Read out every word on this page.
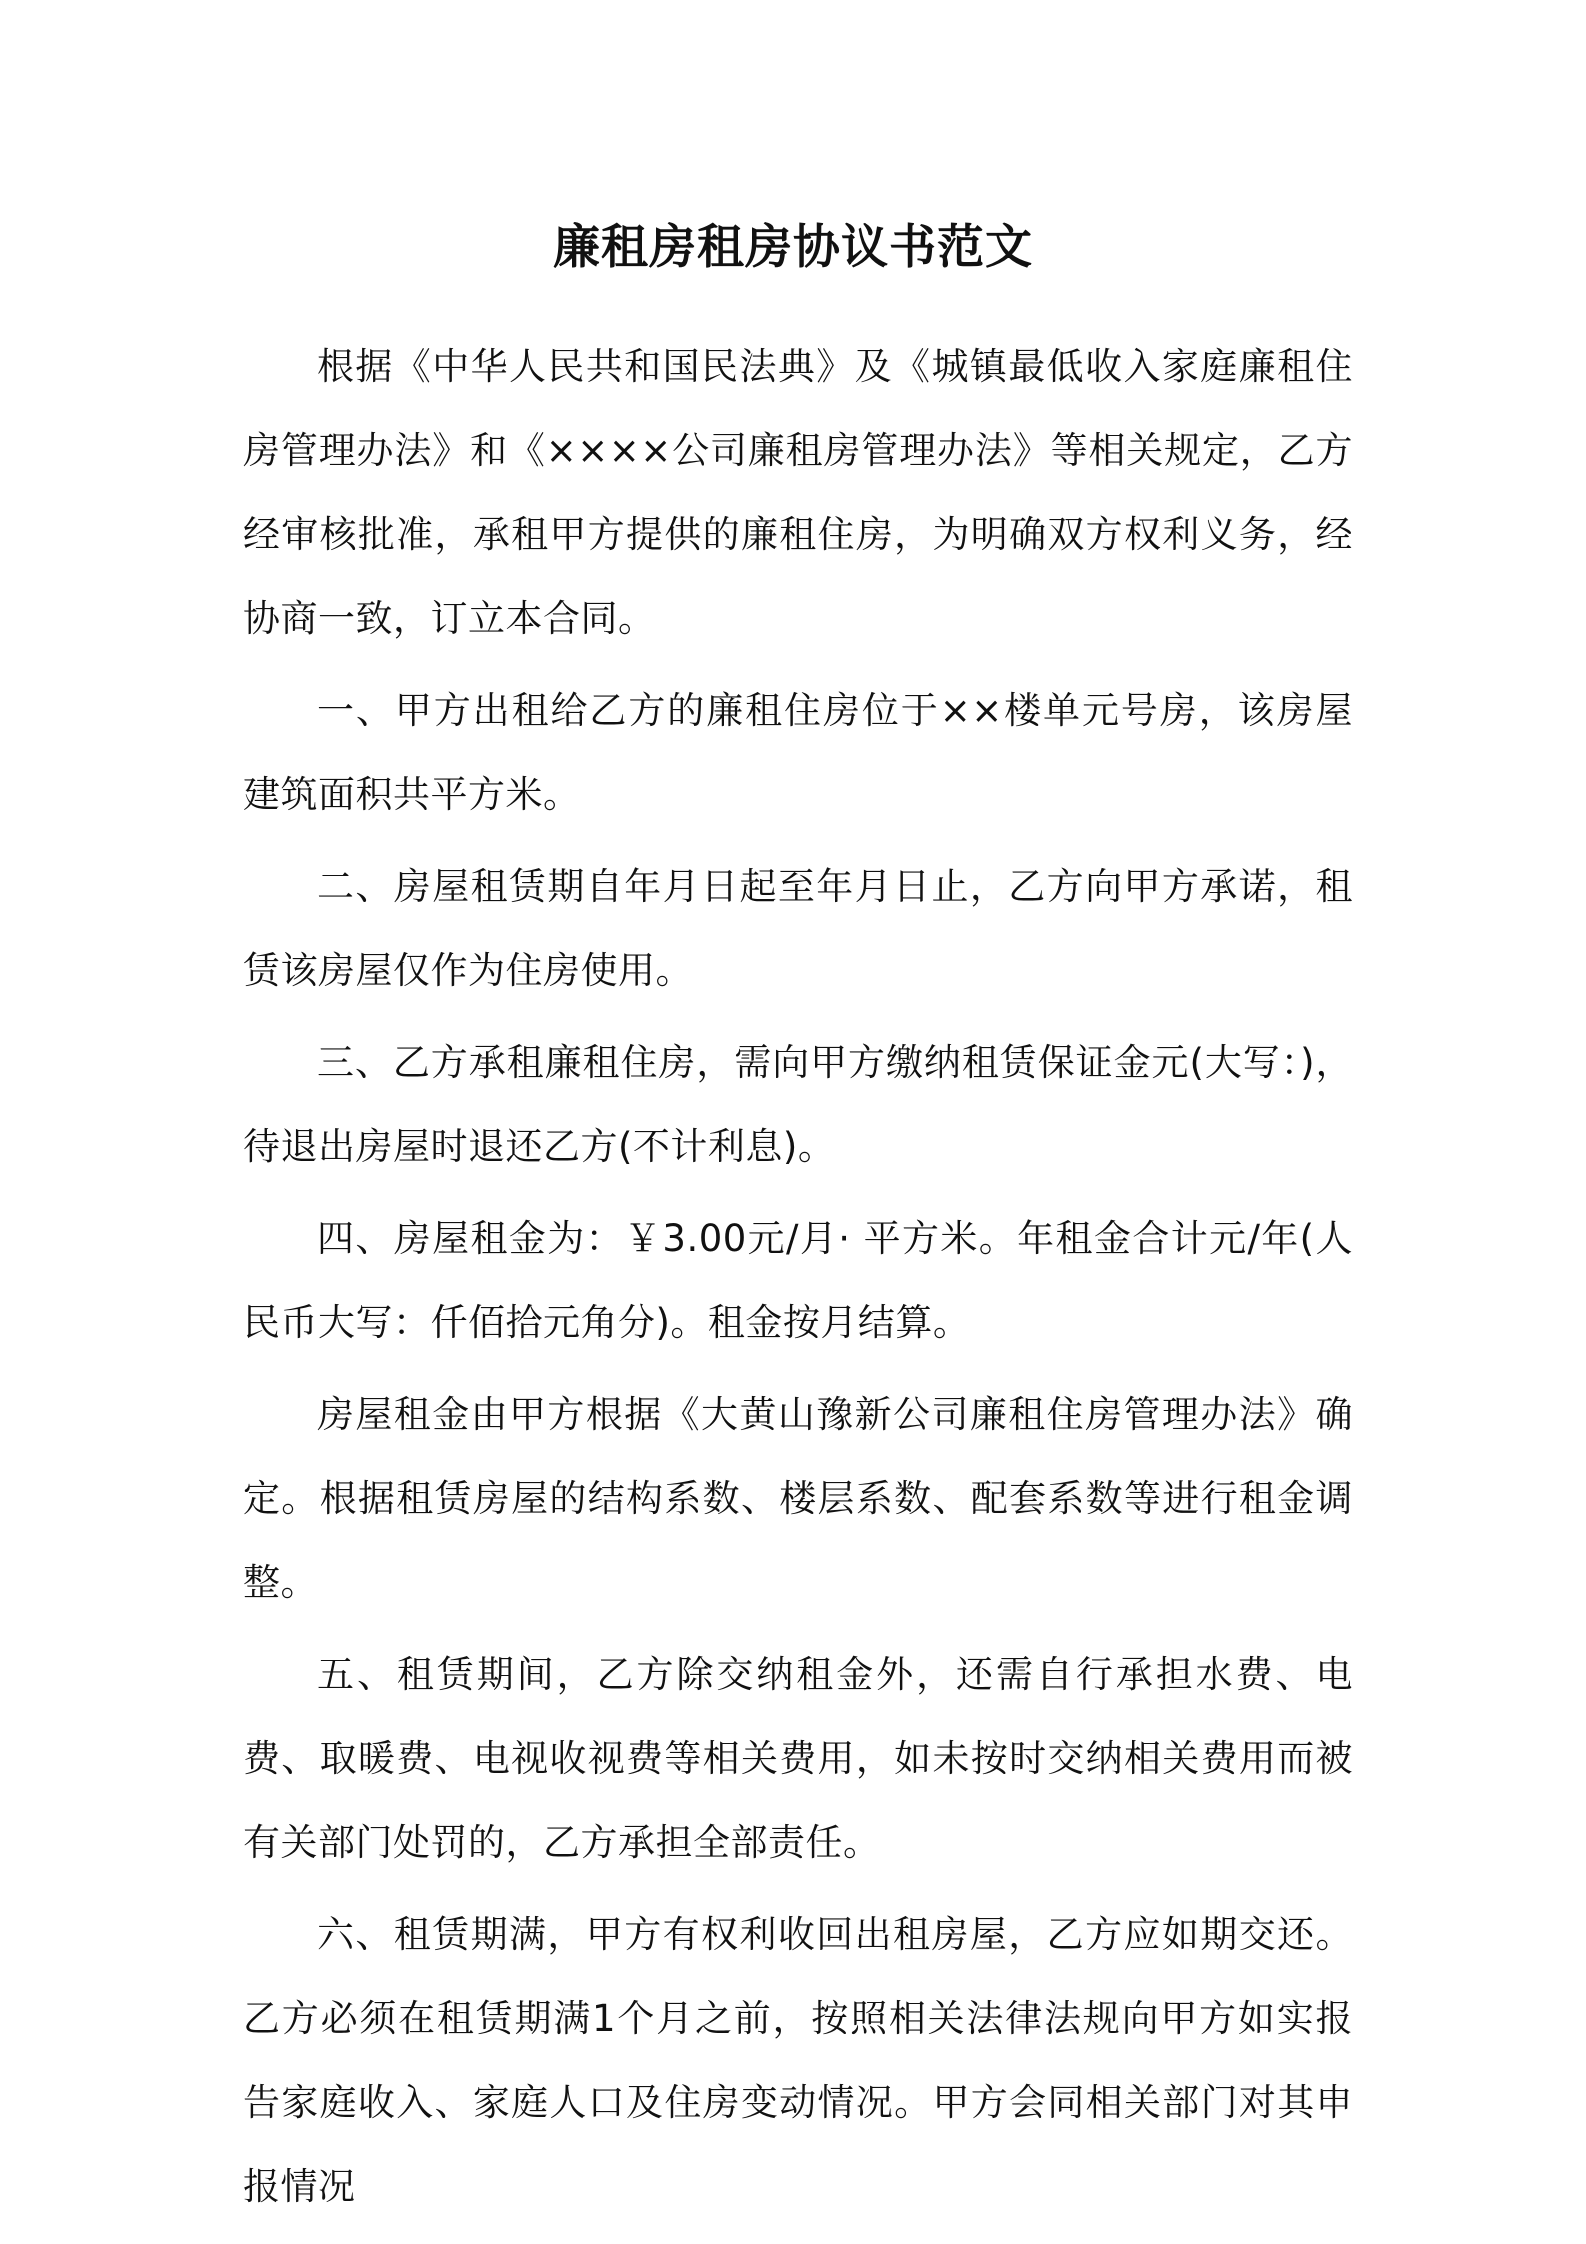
廉租房租房协议书范文

根据《中华人民共和国民法典》及《城镇最低收入家庭廉租住房管理办法》和《××××公司廉租房管理办法》等相关规定，乙方经审核批准，承租甲方提供的廉租住房，为明确双方权利义务，经协商一致，订立本合同。

一、甲方出租给乙方的廉租住房位于××楼单元号房，该房屋建筑面积共平方米。

二、房屋租赁期自年月日起至年月日止，乙方向甲方承诺，租赁该房屋仅作为住房使用。

三、乙方承租廉租住房，需向甲方缴纳租赁保证金元(大写：)，待退出房屋时退还乙方(不计利息)。

四、房屋租金为：￥3.00元/月· 平方米。年租金合计元/年(人民币大写：仟佰拾元角分)。租金按月结算。

房屋租金由甲方根据《大黄山豫新公司廉租住房管理办法》确定。根据租赁房屋的结构系数、楼层系数、配套系数等进行租金调整。

五、租赁期间，乙方除交纳租金外，还需自行承担水费、电费、取暖费、电视收视费等相关费用，如未按时交纳相关费用而被有关部门处罚的，乙方承担全部责任。

六、租赁期满，甲方有权利收回出租房屋，乙方应如期交还。乙方必须在租赁期满1个月之前，按照相关法律法规向甲方如实报告家庭收入、家庭人口及住房变动情况。甲方会同相关部门对其申报情况
